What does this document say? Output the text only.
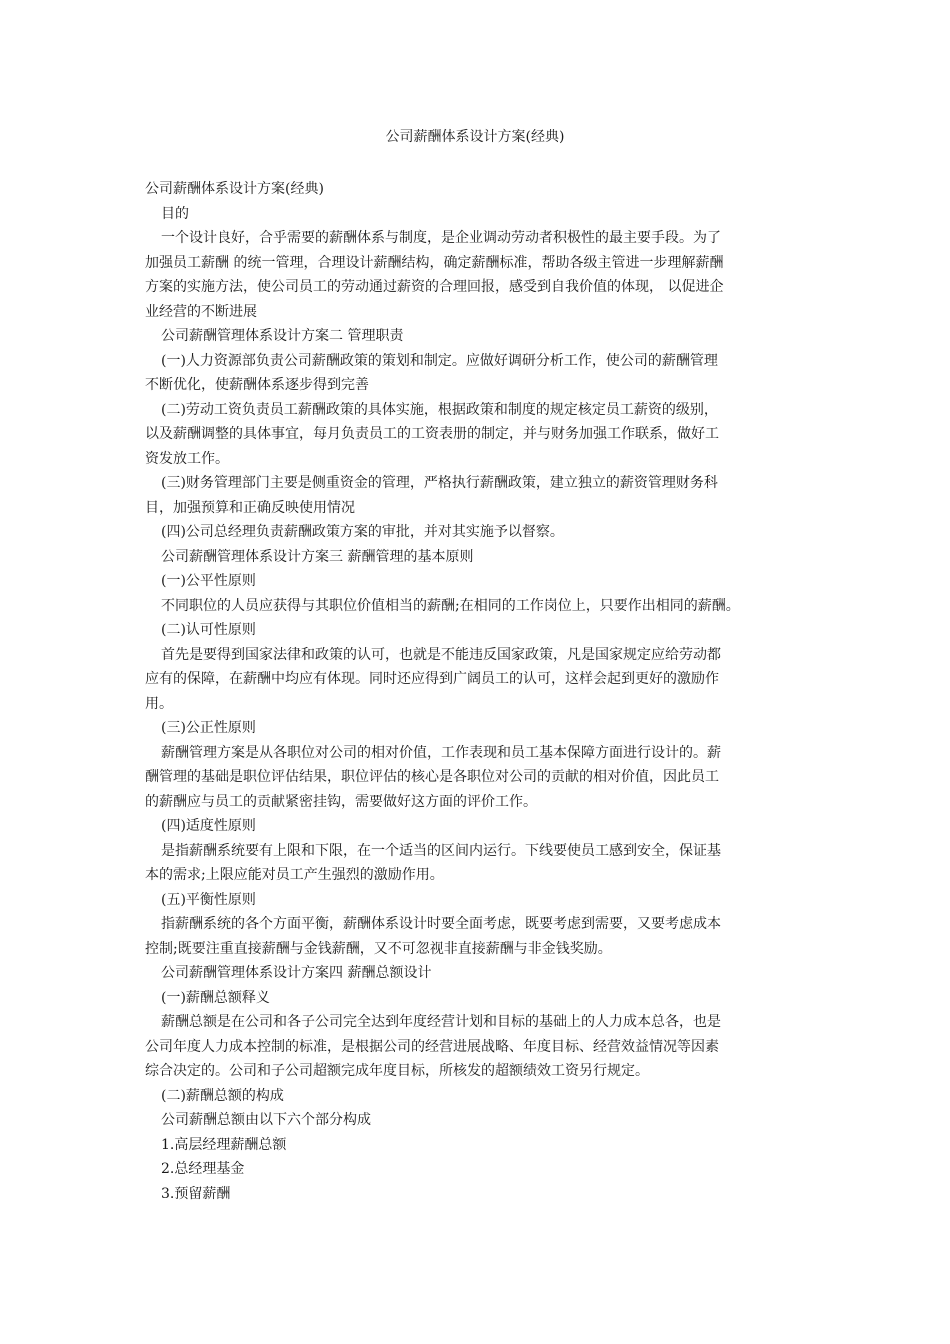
公司薪酬体系设计方案(经典)

公司薪酬体系设计方案(经典)

目的

一个设计良好，合乎需要的薪酬体系与制度，是企业调动劳动者积极性的最主要手段。为了

加强员工薪酬 的统一管理，合理设计薪酬结构，确定薪酬标准，帮助各级主管进一步理解薪酬

方案的实施方法，使公司员工的劳动通过薪资的合理回报，感受到自我价值的体现， 以促进企

业经营的不断进展

公司薪酬管理体系设计方案二 管理职责

(一)人力资源部负责公司薪酬政策的策划和制定。应做好调研分析工作，使公司的薪酬管理

不断优化，使薪酬体系逐步得到完善

(二)劳动工资负责员工薪酬政策的具体实施，根据政策和制度的规定核定员工薪资的级别，

以及薪酬调整的具体事宜，每月负责员工的工资表册的制定，并与财务加强工作联系，做好工

资发放工作。

(三)财务管理部门主要是侧重资金的管理，严格执行薪酬政策，建立独立的薪资管理财务科

目，加强预算和正确反映使用情况

(四)公司总经理负责薪酬政策方案的审批，并对其实施予以督察。

公司薪酬管理体系设计方案三 薪酬管理的基本原则

(一)公平性原则

不同职位的人员应获得与其职位价值相当的薪酬;在相同的工作岗位上，只要作出相同的薪酬。

(二)认可性原则

首先是要得到国家法律和政策的认可，也就是不能违反国家政策，凡是国家规定应给劳动都

应有的保障，在薪酬中均应有体现。同时还应得到广阔员工的认可，这样会起到更好的激励作

用。

(三)公正性原则

薪酬管理方案是从各职位对公司的相对价值，工作表现和员工基本保障方面进行设计的。薪

酬管理的基础是职位评估结果，职位评估的核心是各职位对公司的贡献的相对价值，因此员工

的薪酬应与员工的贡献紧密挂钩，需要做好这方面的评价工作。

(四)适度性原则

是指薪酬系统要有上限和下限，在一个适当的区间内运行。下线要使员工感到安全，保证基

本的需求;上限应能对员工产生强烈的激励作用。

(五)平衡性原则

指薪酬系统的各个方面平衡，薪酬体系设计时要全面考虑，既要考虑到需要，又要考虑成本

控制;既要注重直接薪酬与金钱薪酬，又不可忽视非直接薪酬与非金钱奖励。

公司薪酬管理体系设计方案四 薪酬总额设计

(一)薪酬总额释义

薪酬总额是在公司和各子公司完全达到年度经营计划和目标的基础上的人力成本总各，也是

公司年度人力成本控制的标准，是根据公司的经营进展战略、年度目标、经营效益情况等因素

综合决定的。公司和子公司超额完成年度目标，所核发的超额绩效工资另行规定。

(二)薪酬总额的构成

公司薪酬总额由以下六个部分构成

1.高层经理薪酬总额

2.总经理基金

3.预留薪酬
